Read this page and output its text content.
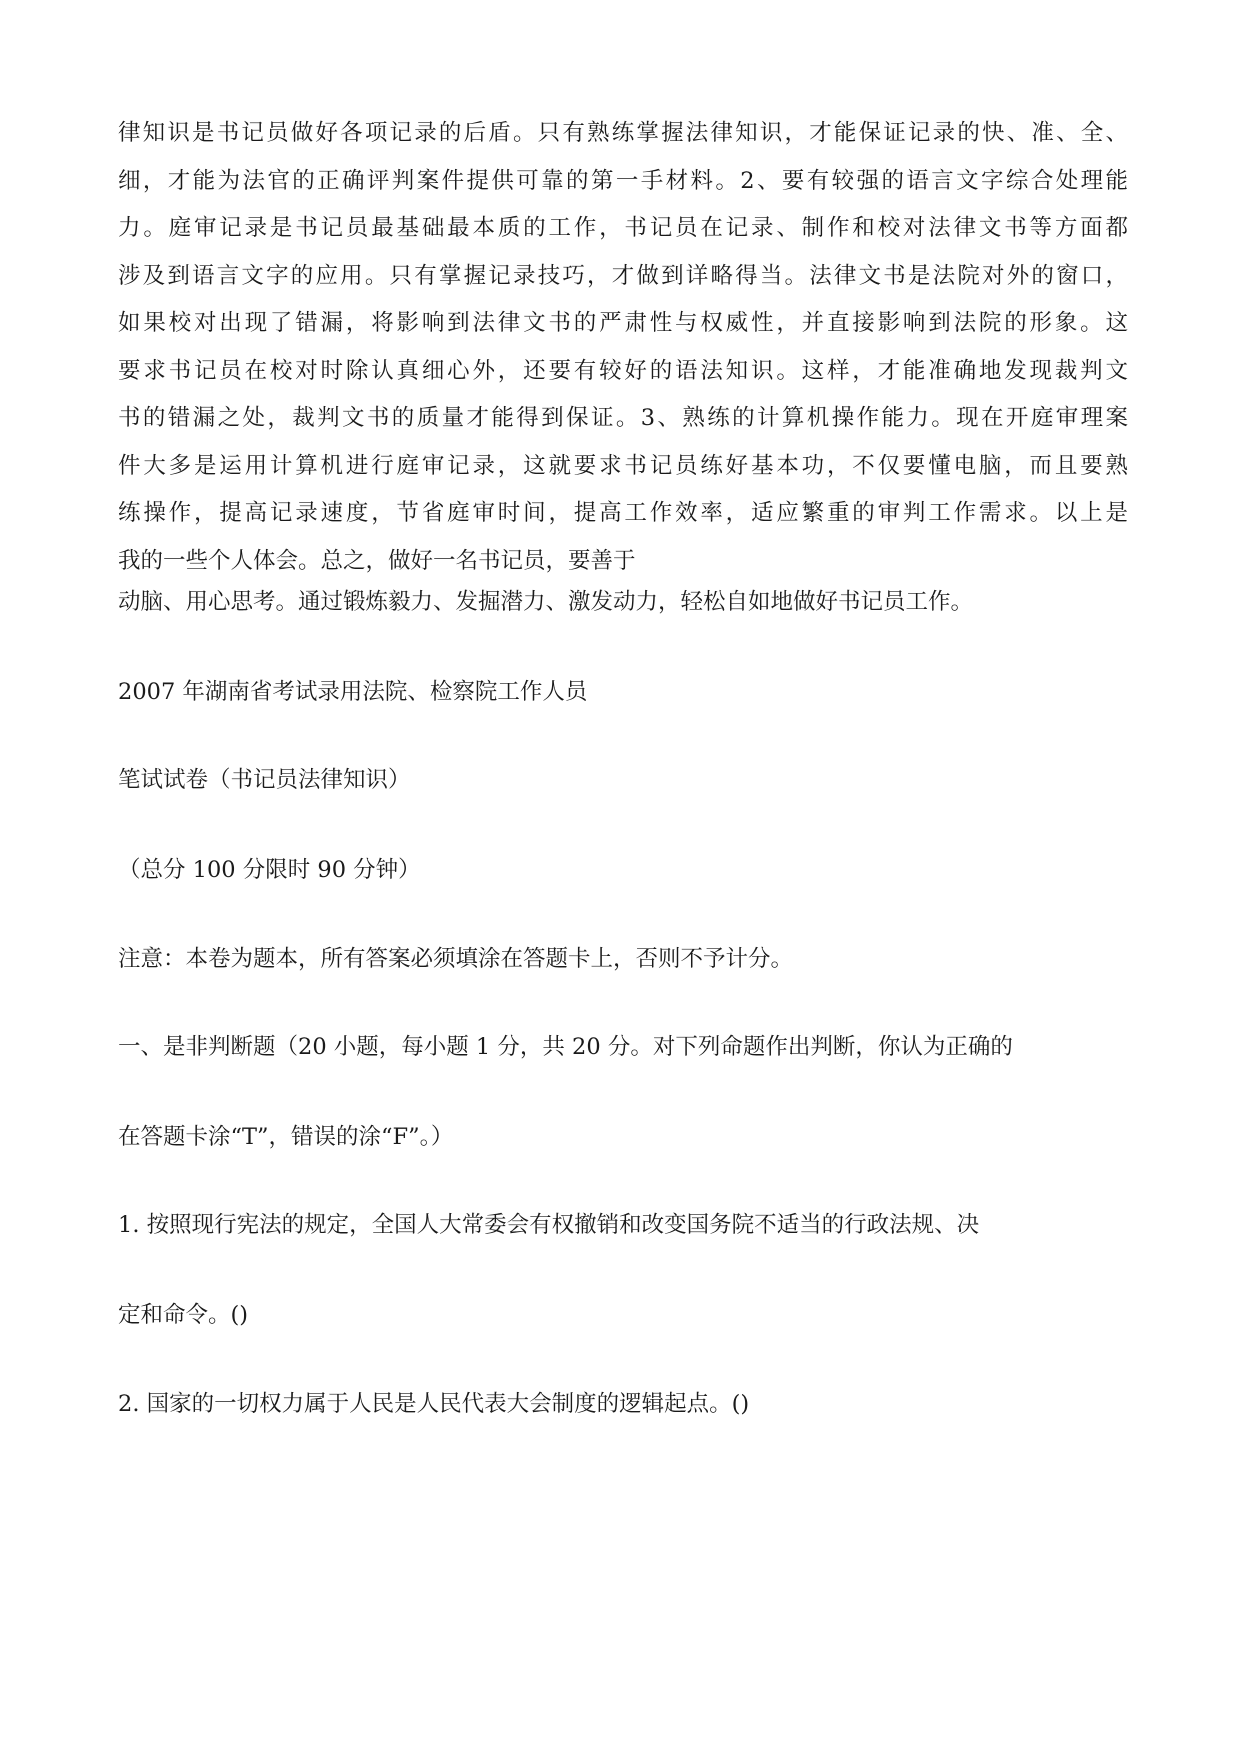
律知识是书记员做好各项记录的后盾。只有熟练掌握法律知识，才能保证记录的快、准、全、
细，才能为法官的正确评判案件提供可靠的第一手材料。2、要有较强的语言文字综合处理能
力。庭审记录是书记员最基础最本质的工作，书记员在记录、制作和校对法律文书等方面都
涉及到语言文字的应用。只有掌握记录技巧，才做到详略得当。法律文书是法院对外的窗口，
如果校对出现了错漏，将影响到法律文书的严肃性与权威性，并直接影响到法院的形象。这
要求书记员在校对时除认真细心外，还要有较好的语法知识。这样，才能准确地发现裁判文
书的错漏之处，裁判文书的质量才能得到保证。3、熟练的计算机操作能力。现在开庭审理案
件大多是运用计算机进行庭审记录，这就要求书记员练好基本功，不仅要懂电脑，而且要熟
练操作，提高记录速度，节省庭审时间，提高工作效率，适应繁重的审判工作需求。以上是
我的一些个人体会。总之，做好一名书记员，要善于
动脑、用心思考。通过锻炼毅力、发掘潜力、激发动力，轻松自如地做好书记员工作。
2007 年湖南省考试录用法院、检察院工作人员
笔试试卷（书记员法律知识）
（总分 100 分限时 90 分钟）
注意：本卷为题本，所有答案必须填涂在答题卡上，否则不予计分。
一、是非判断题（20 小题，每小题 1 分，共 20 分。对下列命题作出判断，你认为正确的
在答题卡涂“T”，错误的涂“F”。）
1. 按照现行宪法的规定，全国人大常委会有权撤销和改变国务院不适当的行政法规、决
定和命令。()
2. 国家的一切权力属于人民是人民代表大会制度的逻辑起点。()
